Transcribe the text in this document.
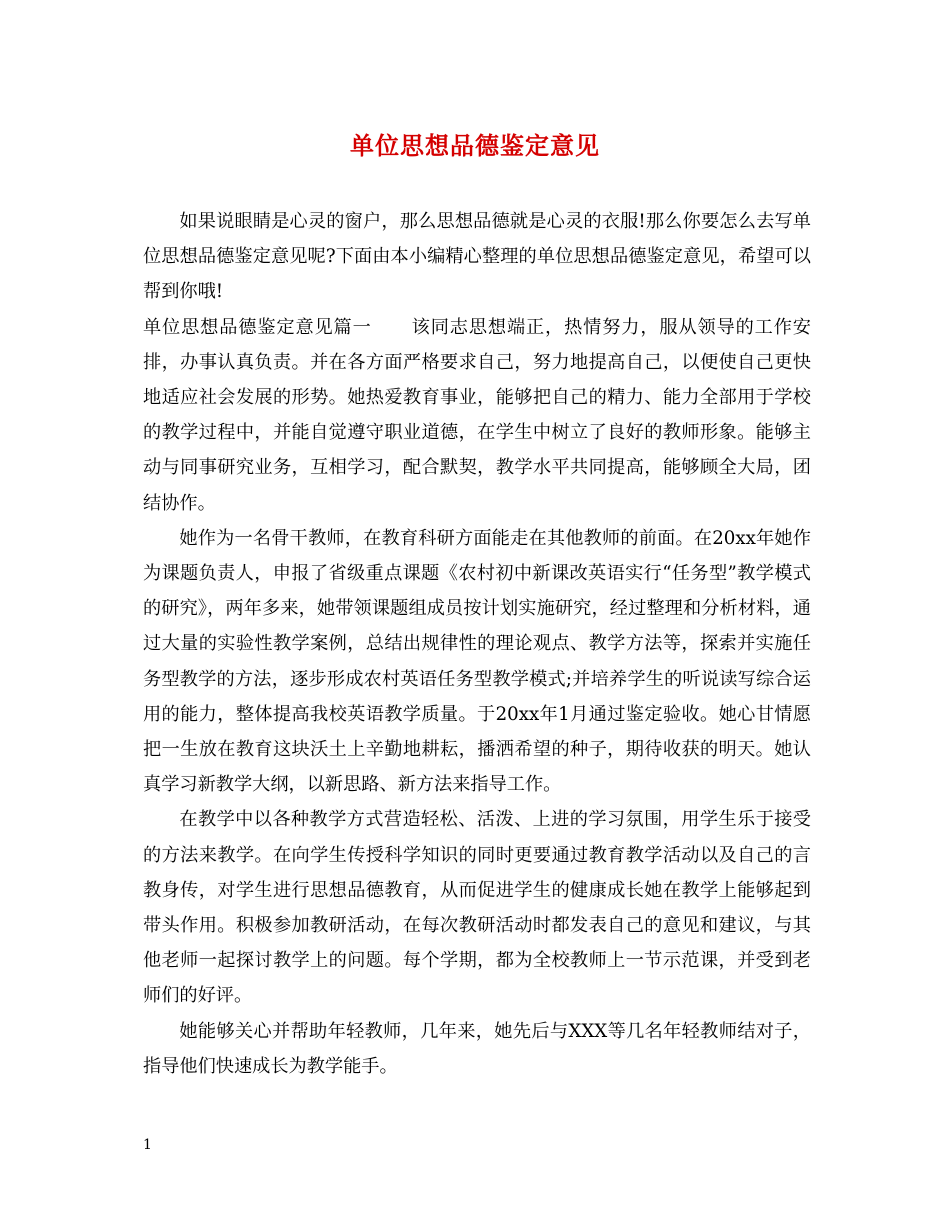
单位思想品德鉴定意见

如果说眼睛是心灵的窗户，那么思想品德就是心灵的衣服!那么你要怎么去写单位思想品德鉴定意见呢?下面由本小编精心整理的单位思想品德鉴定意见，希望可以帮到你哦!

单位思想品德鉴定意见篇一 该同志思想端正，热情努力，服从领导的工作安排，办事认真负责。并在各方面严格要求自己，努力地提高自己，以便使自己更快地适应社会发展的形势。她热爱教育事业，能够把自己的精力、能力全部用于学校的教学过程中，并能自觉遵守职业道德，在学生中树立了良好的教师形象。能够主动与同事研究业务，互相学习，配合默契，教学水平共同提高，能够顾全大局，团结协作。

她作为一名骨干教师，在教育科研方面能走在其他教师的前面。在20xx年她作为课题负责人，申报了省级重点课题《农村初中新课改英语实行“任务型”教学模式的研究》，两年多来，她带领课题组成员按计划实施研究，经过整理和分析材料，通过大量的实验性教学案例，总结出规律性的理论观点、教学方法等，探索并实施任务型教学的方法，逐步形成农村英语任务型教学模式;并培养学生的听说读写综合运用的能力，整体提高我校英语教学质量。于20xx年1月通过鉴定验收。她心甘情愿把一生放在教育这块沃土上辛勤地耕耘，播洒希望的种子，期待收获的明天。她认真学习新教学大纲，以新思路、新方法来指导工作。

在教学中以各种教学方式营造轻松、活泼、上进的学习氛围，用学生乐于接受的方法来教学。在向学生传授科学知识的同时更要通过教育教学活动以及自己的言教身传，对学生进行思想品德教育，从而促进学生的健康成长她在教学上能够起到带头作用。积极参加教研活动，在每次教研活动时都发表自己的意见和建议，与其他老师一起探讨教学上的问题。每个学期，都为全校教师上一节示范课，并受到老师们的好评。

她能够关心并帮助年轻教师，几年来，她先后与XXX等几名年轻教师结对子，指导他们快速成长为教学能手。

1
